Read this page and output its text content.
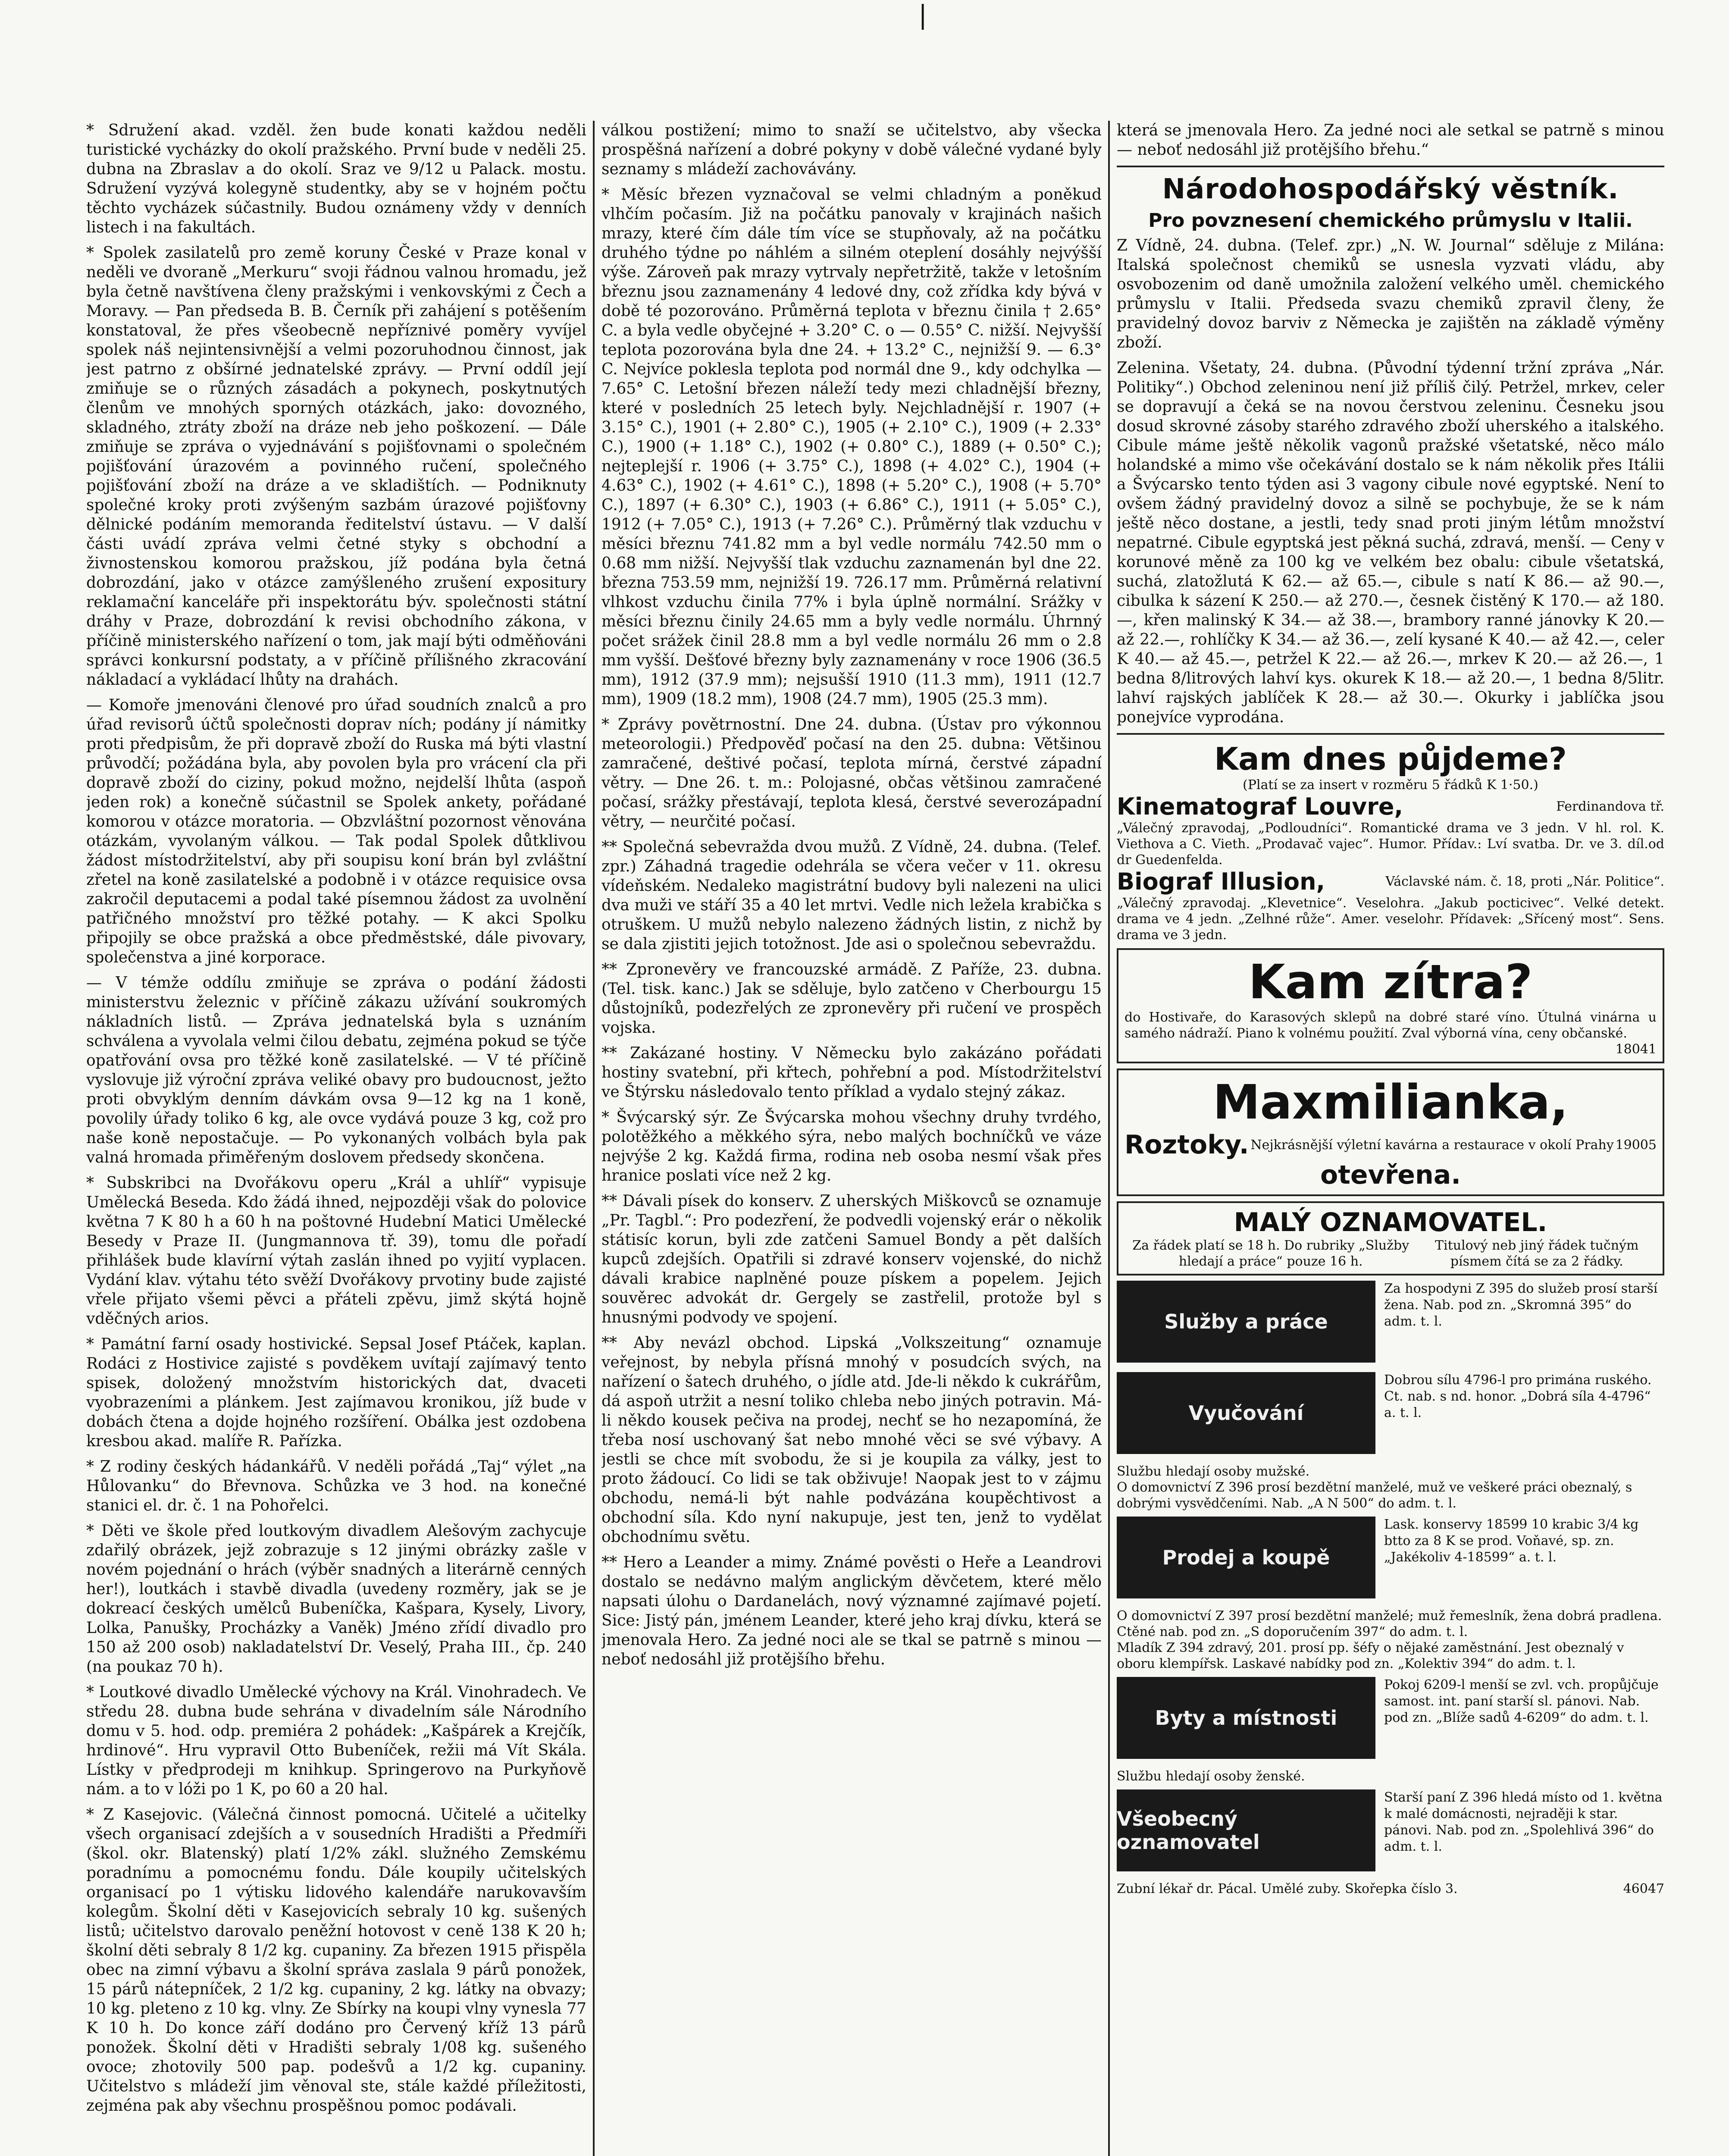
|

* Sdružení akad. vzděl. žen bude konati každou neděli turistické vycházky do okolí pražského. První bude v neděli 25. dubna na Zbraslav a do okolí. Sraz ve 9/12 u Palack. mostu. Sdružení vyzývá kolegyně studentky, aby se v hojném počtu těchto vycházek súčastnily. Budou oznámeny vždy v denních listech i na fakultách.

* Spolek zasilatelů pro země koruny České v Praze konal v neděli ve dvoraně „Merkuru“ svoji řádnou valnou hromadu, jež byla četně navštívena členy pražskými i venkovskými z Čech a Moravy. — Pan předseda B. B. Černík při zahájení s potěšením konstatoval, že přes všeobecně nepříznivé poměry vyvíjel spolek náš nejintensivnější a velmi pozoruhodnou činnost, jak jest patrno z obšírné jednatelské zprávy. — První oddíl její zmiňuje se o různých zásadách a pokynech, poskytnutých členům ve mnohých sporných otázkách, jako: dovozného, skladného, ztráty zboží na dráze neb jeho poškození. — Dále zmiňuje se zpráva o vyjednávání s pojišťovnami o společném pojišťování úrazovém a povinného ručení, společného pojišťování zboží na dráze a ve skladištích. — Podniknuty společné kroky proti zvýšeným sazbám úrazové pojišťovny dělnické podáním memoranda ředitelství ústavu. — V další části uvádí zpráva velmi četné styky s obchodní a živnostenskou komorou pražskou, jíž podána byla četná dobrozdání, jako v otázce zamýšleného zrušení expositury reklamační kanceláře při inspektorátu býv. společnosti státní dráhy v Praze, dobrozdání k revisi obchodního zákona, v příčině ministerského nařízení o tom, jak mají býti odměňováni správci konkursní podstaty, a v příčině přílišného zkracování nákladací a vykládací lhůty na drahách.

— Komoře jmenováni členové pro úřad soudních znalců a pro úřad revisorů účtů společnosti doprav ních; podány jí námitky proti předpisům, že při dopravě zboží do Ruska má býti vlastní průvodčí; požádána byla, aby povolen byla pro vrácení cla při dopravě zboží do ciziny, pokud možno, nejdelší lhůta (aspoň jeden rok) a konečně súčastnil se Spolek ankety, pořádané komorou v otázce moratoria. — Obzvláštní pozornost věnována otázkám, vyvolaným válkou. — Tak podal Spolek důtklivou žádost místodržitelství, aby při soupisu koní brán byl zvláštní zřetel na koně zasilatelské a podobně i v otázce requisice ovsa zakročil deputacemi a podal také písemnou žádost za uvolnění patřičného množství pro těžké potahy. — K akci Spolku připojily se obce pražská a obce předměstské, dále pivovary, společenstva a jiné korporace.

— V témže oddílu zmiňuje se zpráva o podání žádosti ministerstvu železnic v příčině zákazu užívání soukromých nákladních listů. — Zpráva jednatelská byla s uznáním schválena a vyvolala velmi čilou debatu, zejména pokud se týče opatřování ovsa pro těžké koně zasilatelské. — V té příčině vyslovuje již výroční zpráva veliké obavy pro budoucnost, ježto proti obvyklým denním dávkám ovsa 9—12 kg na 1 koně, povolily úřady toliko 6 kg, ale ovce vydává pouze 3 kg, což pro naše koně nepostačuje. — Po vykonaných volbách byla pak valná hromada přiměřeným doslovem předsedy skončena.

* Subskribci na Dvořákovu operu „Král a uhlíř“ vypisuje Umělecká Beseda. Kdo žádá ihned, nejpozději však do polovice května 7 K 80 h a 60 h na poštovné Hudební Matici Umělecké Besedy v Praze II. (Jungmannova tř. 39), tomu dle pořadí přihlášek bude klavírní výtah zaslán ihned po vyjití vyplacen. Vydání klav. výtahu této svěží Dvořákovy prvotiny bude zajisté vřele přijato všemi pěvci a přáteli zpěvu, jimž skýtá hojně vděčných arios.

* Památní farní osady hostivické. Sepsal Josef Ptáček, kaplan. Rodáci z Hostivice zajisté s povděkem uvítají zajímavý tento spisek, doložený množstvím historických dat, dvaceti vyobrazeními a plánkem. Jest zajímavou kronikou, jíž bude v dobách čtena a dojde hojného rozšíření. Obálka jest ozdobena kresbou akad. malíře R. Pařízka.

* Z rodiny českých hádankářů. V neděli pořádá „Taj“ výlet „na Hůlovanku“ do Břevnova. Schůzka ve 3 hod. na konečné stanici el. dr. č. 1 na Pohořelci.

* Děti ve škole před loutkovým divadlem Alešovým zachycuje zdařilý obrázek, jejž zobrazuje s 12 jinými obrázky zašle v novém pojednání o hrách (výběr snadných a literárně cenných her!), loutkách i stavbě divadla (uvedeny rozměry, jak se je dokreací českých umělců Bubeníčka, Kašpara, Kysely, Livory, Lolka, Panušky, Procházky a Vaněk) Jméno zřídí divadlo pro 150 až 200 osob) nakladatelství Dr. Veselý, Praha III., čp. 240 (na poukaz 70 h).

* Loutkové divadlo Umělecké výchovy na Král. Vinohradech. Ve středu 28. dubna bude sehrána v divadelním sále Národního domu v 5. hod. odp. premiéra 2 pohádek: „Kašpárek a Krejčík, hrdinové“. Hru vypravil Otto Bubeníček, režii má Vít Skála. Lístky v předprodeji m knihkup. Springerovo na Purkyňově nám. a to v lóži po 1 K, po 60 a 20 hal.

* Z Kasejovic. (Válečná činnost pomocná. Učitelé a učitelky všech organisací zdejších a v sousedních Hradišti a Předmíři (škol. okr. Blatenský) platí 1/2% zákl. služného Zemskému poradnímu a pomocnému fondu. Dále koupily učitelských organisací po 1 výtisku lidového kalendáře narukovavším kolegům. Školní děti v Kasejovicích sebraly 10 kg. sušených listů; učitelstvo darovalo peněžní hotovost v ceně 138 K 20 h; školní děti sebraly 8 1/2 kg. cupaniny. Za březen 1915 přispěla obec na zimní výbavu a školní správa zaslala 9 párů ponožek, 15 párů nátepníček, 2 1/2 kg. cupaniny, 2 kg. látky na obvazy; 10 kg. pleteno z 10 kg. vlny. Ze Sbírky na koupi vlny vynesla 77 K 10 h. Do konce září dodáno pro Červený kříž 13 párů ponožek. Školní děti v Hradišti sebraly 1/08 kg. sušeného ovoce; zhotovily 500 pap. podešvů a 1/2 kg. cupaniny. Učitelstvo s mládeží jim věnoval ste, stále každé příležitosti, zejména pak aby všechnu prospěšnou pomoc podávali.

válkou postižení; mimo to snaží se učitelstvo, aby všecka prospěšná nařízení a dobré pokyny v době válečné vydané byly seznamy s mládeží zachovávány.

* Měsíc březen vyznačoval se velmi chladným a poněkud vlhčím počasím. Již na počátku panovaly v krajinách našich mrazy, které čím dále tím více se stupňovaly, až na počátku druhého týdne po náhlém a silném oteplení dosáhly nejvýšší výše. Zároveň pak mrazy vytrvaly nepřetržitě, takže v letošním březnu jsou zaznamenány 4 ledové dny, což zřídka kdy bývá v době té pozorováno. Průměrná teplota v březnu činila † 2.65° C. a byla vedle obyčejné + 3.20° C. o — 0.55° C. nižší. Nejvyšší teplota pozorována byla dne 24. + 13.2° C., nejnižší 9. — 6.3° C. Nejvíce poklesla teplota pod normál dne 9., kdy odchylka — 7.65° C. Letošní březen náleží tedy mezi chladnější březny, které v posledních 25 letech byly. Nejchladnější r. 1907 (+ 3.15° C.), 1901 (+ 2.80° C.), 1905 (+ 2.10° C.), 1909 (+ 2.33° C.), 1900 (+ 1.18° C.), 1902 (+ 0.80° C.), 1889 (+ 0.50° C.); nejteplejší r. 1906 (+ 3.75° C.), 1898 (+ 4.02° C.), 1904 (+ 4.63° C.), 1902 (+ 4.61° C.), 1898 (+ 5.20° C.), 1908 (+ 5.70° C.), 1897 (+ 6.30° C.), 1903 (+ 6.86° C.), 1911 (+ 5.05° C.), 1912 (+ 7.05° C.), 1913 (+ 7.26° C.). Průměrný tlak vzduchu v měsíci březnu 741.82 mm a byl vedle normálu 742.50 mm o 0.68 mm nižší. Nejvyšší tlak vzduchu zaznamenán byl dne 22. března 753.59 mm, nejnižší 19. 726.17 mm. Průměrná relativní vlhkost vzduchu činila 77% i byla úplně normální. Srážky v měsíci březnu činily 24.65 mm a byly vedle normálu. Úhrnný počet srážek činil 28.8 mm a byl vedle normálu 26 mm o 2.8 mm vyšší. Dešťové březny byly zaznamenány v roce 1906 (36.5 mm), 1912 (37.9 mm); nejsušší 1910 (11.3 mm), 1911 (12.7 mm), 1909 (18.2 mm), 1908 (24.7 mm), 1905 (25.3 mm).

* Zprávy povětrnostní. Dne 24. dubna. (Ústav pro výkonnou meteorologii.) Předpověď počasí na den 25. dubna: Většinou zamračené, deštivé počasí, teplota mírná, čerstvé západní větry. — Dne 26. t. m.: Polojasné, občas většinou zamračené počasí, srážky přestávají, teplota klesá, čerstvé severozápadní větry, — neurčité počasí.

** Společná sebevražda dvou mužů. Z Vídně, 24. dubna. (Telef. zpr.) Záhadná tragedie odehrála se včera večer v 11. okresu vídeňském. Nedaleko magistrátní budovy byli nalezeni na ulici dva muži ve stáří 35 a 40 let mrtvi. Vedle nich ležela krabička s otruškem. U mužů nebylo nalezeno žádných listin, z nichž by se dala zjistiti jejich totožnost. Jde asi o společnou sebevraždu.

** Zpronevěry ve francouzské armádě. Z Paříže, 23. dubna. (Tel. tisk. kanc.) Jak se sděluje, bylo zatčeno v Cherbourgu 15 důstojníků, podezřelých ze zpronevěry při ručení ve prospěch vojska.

** Zakázané hostiny. V Německu bylo zakázáno pořádati hostiny svatební, při křtech, pohřební a pod. Místodržitelství ve Štýrsku následovalo tento příklad a vydalo stejný zákaz.

* Švýcarský sýr. Ze Švýcarska mohou všechny druhy tvrdého, polotěžkého a měkkého sýra, nebo malých bochníčků ve váze nejvýše 2 kg. Každá firma, rodina neb osoba nesmí však přes hranice poslati více než 2 kg.

** Dávali písek do konserv. Z uherských Miškovců se oznamuje „Pr. Tagbl.“: Pro podezření, že podvedli vojenský erár o několik státisíc korun, byli zde zatčeni Samuel Bondy a pět dalších kupců zdejších. Opatřili si zdravé konserv vojenské, do nichž dávali krabice naplněné pouze pískem a popelem. Jejich souvěrec advokát dr. Gergely se zastřelil, protože byl s hnusnými podvody ve spojení.

** Aby nevázl obchod. Lipská „Volkszeitung“ oznamuje veřejnost, by nebyla přísná mnohý v posudcích svých, na nařízení o šatech druhého, o jídle atd. Jde-li někdo k cukrářům, dá aspoň utržit a nesní toliko chleba nebo jiných potravin. Má-li někdo kousek pečiva na prodej, nechť se ho nezapomíná, že třeba nosí uschovaný šat nebo mnohé věci se své výbavy. A jestli se chce mít svobodu, že si je koupila za války, jest to proto žádoucí. Co lidi se tak obživuje! Naopak jest to v zájmu obchodu, nemá-li být nahle podvázána koupěchtivost a obchodní síla. Kdo nyní nakupuje, jest ten, jenž to vydělat obchodnímu světu.

** Hero a Leander a mimy. Známé pověsti o Heře a Leandrovi dostalo se nedávno malým anglickým děvčetem, které mělo napsati úlohu o Dardanelách, nový významné zajímavé pojetí. Sice: Jistý pán, jménem Leander, které jeho kraj dívku, která se jmenovala Hero. Za jedné noci ale se tkal se patrně s minou — neboť nedosáhl již protějšího břehu.

která se jmenovala Hero. Za jedné noci ale setkal se patrně s minou — neboť nedosáhl již protějšího břehu.“

Národohospodářský věstník.
Pro povznesení chemického průmyslu v Italii.

Z Vídně, 24. dubna. (Telef. zpr.) „N. W. Journal“ sděluje z Milána: Italská společnost chemiků se usnesla vyzvati vládu, aby osvobozenim od daně umožnila založení velkého uměl. chemického průmyslu v Italii. Předseda svazu chemiků zpravil členy, že pravidelný dovoz barviv z Německa je zajištěn na základě výměny zboží.

Zelenina. Všetaty, 24. dubna. (Původní týdenní tržní zpráva „Nár. Politiky“.) Obchod zeleninou není již příliš čilý. Petržel, mrkev, celer se dopravují a čeká se na novou čerstvou zeleninu. Česneku jsou dosud skrovné zásoby starého zdravého zboží uherského a italského. Cibule máme ještě několik vagonů pražské všetatské, něco málo holandské a mimo vše očekávání dostalo se k nám několik přes Itálii a Švýcarsko tento týden asi 3 vagony cibule nové egyptské. Není to ovšem žádný pravidelný dovoz a silně se pochybuje, že se k nám ještě něco dostane, a jestli, tedy snad proti jiným létům množství nepatrné. Cibule egyptská jest pěkná suchá, zdravá, menší. — Ceny v korunové měně za 100 kg ve velkém bez obalu: cibule všetatská, suchá, zlatožlutá K 62.— až 65.—, cibule s natí K 86.— až 90.—, cibulka k sázení K 250.— až 270.—, česnek čistěný K 170.— až 180.—, křen malinský K 34.— až 38.—, brambory ranné jánovky K 20.— až 22.—, rohlíčky K 34.— až 36.—, zelí kysané K 40.— až 42.—, celer K 40.— až 45.—, petržel K 22.— až 26.—, mrkev K 20.— až 26.—, 1 bedna 8/litrových lahví kys. okurek K 18.— až 20.—, 1 bedna 8/5litr. lahví rajských jablíček K 28.— až 30.—. Okurky i jablíčka jsou ponejvíce vyprodána.

Kam dnes půjdeme?
(Platí se za insert v rozměru 5 řádků K 1·50.)
Kinematograf Louvre,	Ferdinandova tř.
„Válečný zpravodaj, „Podloudníci“. Romantické drama ve 3 jedn. V hl. rol. K. Viethova a C. Vieth. „Prodavač vajec“. Humor. Přídav.: Lví svatba. Dr. ve 3. díl.od dr Guedenfelda.
Biograf Illusion,	Václavské nám. č. 18, proti „Nár. Politice“.
„Válečný zpravodaj. „Klevetnice“. Veselohra. „Jakub pocticivec“. Velké detekt. drama ve 4 jedn. „Zelhné růže“. Amer. veselohr. Přídavek: „Sřícený most“. Sens. drama ve 3 jedn.
Kam zítra?
do Hostivaře, do Karasových sklepů na dobré staré víno. Útulná vinárna u samého nádraží. Piano k volnému použití. Zval výborná vína, ceny občanské.
18041
Maxmilianka,
Roztoky. Nejkrásnější výletní kavárna a restaurace v okolí Prahy 19005
otevřena.
MALÝ OZNAMOVATEL.
Za řádek platí se 18 h. Do rubriky „Služby hledají a práce“ pouze 16 h.
Titulový neb jiný řádek tučným písmem čítá se za 2 řádky.
Služby a práce
Za hospodyni Z 395 do služeb prosí starší žena. Nab. pod zn. „Skromná 395“ do adm. t. l.
Vyučování
Dobrou sílu 4796-l pro primána ruského. Ct. nab. s nd. honor. „Dobrá síla 4-4796“ a. t. l.
Službu hledají osoby mužské.
O domovnictví Z 396 prosí bezdětní manželé, muž ve veškeré práci obeznalý, s dobrými vysvědčeními. Nab. „A N 500“ do adm. t. l.
Prodej a koupě
Lask. konservy 18599 10 krabic 3/4 kg btto za 8 K se prod. Voňavé, sp. zn. „Jakékoliv 4-18599“ a. t. l.
O domovnictví Z 397 prosí bezdětní manželé; muž řemeslník, žena dobrá pradlena. Ctěné nab. pod zn. „S doporučením 397“ do adm. t. l.
Mladík Z 394 zdravý, 201. prosí pp. šéfy o nějaké zaměstnání. Jest obeznalý v oboru klempířsk. Laskavé nabídky pod zn. „Kolektiv 394“ do adm. t. l.
Byty a místnosti
Pokoj 6209-l menší se zvl. vch. propůjčuje samost. int. paní starší sl. pánovi. Nab. pod zn. „Blíže sadů 4-6209“ do adm. t. l.
Službu hledají osoby ženské.
Všeobecný oznamovatel
Starší paní Z 396 hledá místo od 1. května k malé domácnosti, nejraději k star. pánovi. Nab. pod zn. „Spolehlivá 396“ do adm. t. l.
Zubní lékař dr. Pácal. Umělé zuby. Skořepka číslo 3.	46047
